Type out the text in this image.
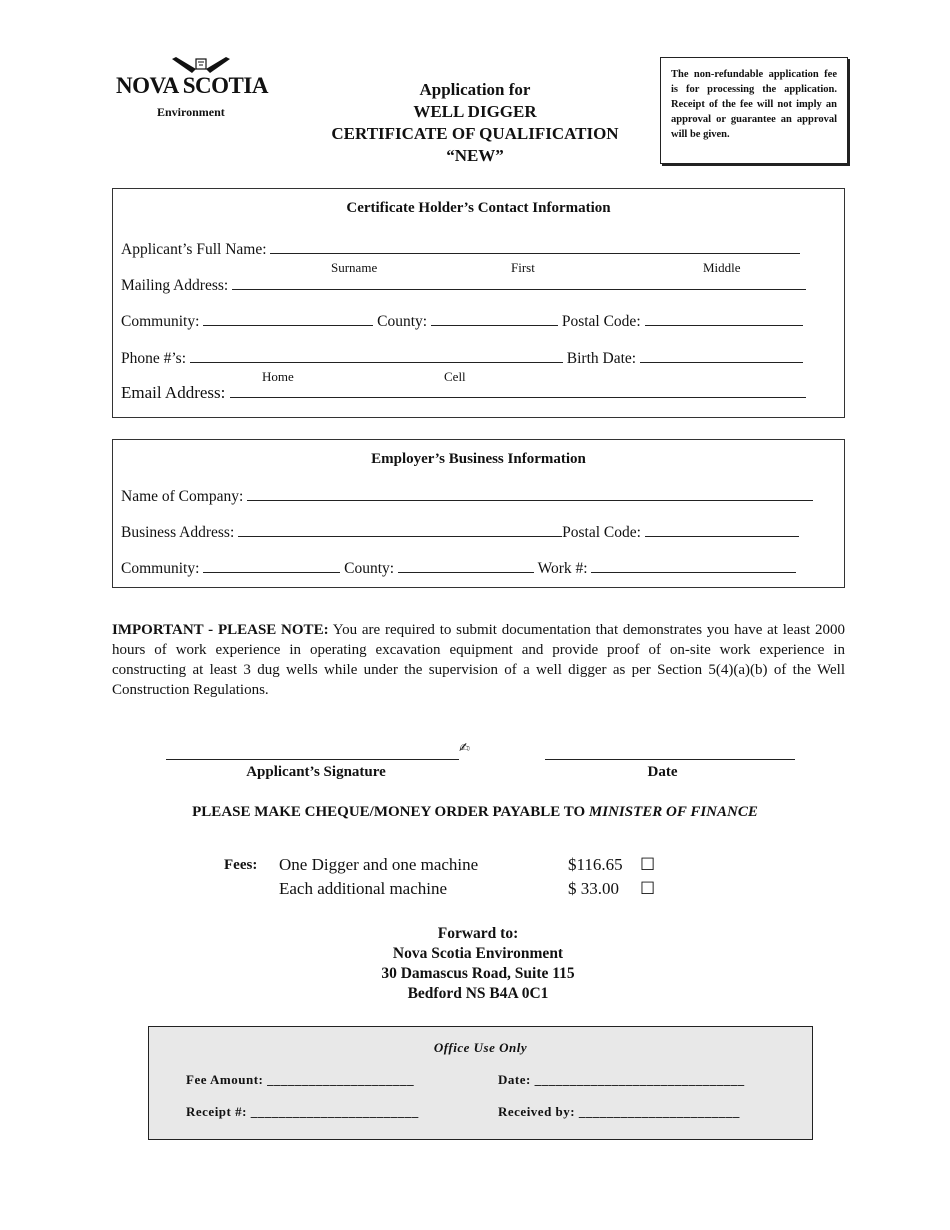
NOVA SCOTIA
Environment
Application for
WELL DIGGER
CERTIFICATE OF QUALIFICATION
“NEW”
The non-refundable application fee is for processing the application. Receipt of the fee will not imply an approval or guarantee an approval will be given.
Certificate Holder’s Contact Information
Applicant’s Full Name:
Surname	First	Middle
Mailing Address:
Community:	County:	Postal Code:
Phone #’s:	Birth Date:
Home	Cell
Email Address:
Employer’s Business Information
Name of Company:
Business Address:	Postal Code:
Community:	County:	Work #:
IMPORTANT - PLEASE NOTE: You are required to submit documentation that demonstrates you have at least 2000 hours of work experience in operating excavation equipment and provide proof of on-site work experience in constructing at least 3 dug wells while under the supervision of a well digger as per Section 5(4)(a)(b) of the Well Construction Regulations.
✍
Applicant’s Signature	Date
PLEASE MAKE CHEQUE/MONEY ORDER PAYABLE TO MINISTER OF FINANCE
Fees: One Digger and one machine	$116.65 ☐
Each additional machine	$ 33.00 ☐
Forward to:
Nova Scotia Environment
30 Damascus Road, Suite 115
Bedford NS B4A 0C1
Office Use Only
Fee Amount: _____________________	Date: ______________________________
Receipt #: ________________________	Received by: _______________________
